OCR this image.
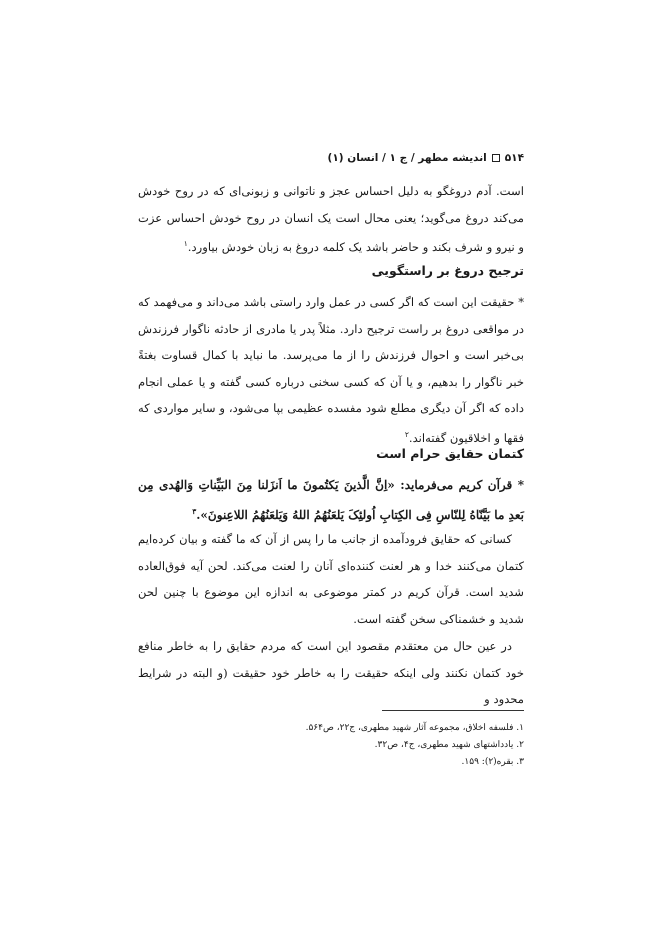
۵۱۴
اندیشه مطهر / ج ۱ / انسان (۱)
است. آدم دروغگو به دلیل احساس عجز و ناتوانی و زبونی‌ای که در روح خودش می‌کند دروغ می‌گوید؛ یعنی محال است یک انسان در روح خودش احساس عزت و نیرو و شرف بکند و حاضر باشد یک کلمه دروغ به زبان خودش بیاورد.$^۱$
ترجیح دروغ بر راستگویی
* حقیقت این است که اگر کسی در عمل وارد راستی باشد می‌داند و می‌فهمد که در مواقعی دروغ بر راست ترجیح دارد. مثلاً پدر یا مادری از حادثه ناگوار فرزندش بی‌خبر است و احوال فرزندش را از ما می‌پرسد. ما نباید با کمال قساوت بغتةً خبر ناگوار را بدهیم، و یا آن که کسی سخنی درباره کسی گفته و یا عملی انجام داده که اگر آن دیگری مطلع شود مفسده عظیمی بپا می‌شود، و سایر مواردی که فقها و اخلاقیون گفته‌اند.$^۲$
کتمان حقایق حرام است
* قرآن کریم می‌فرماید: «اِنَّ الَّذینَ یَکتُمونَ ما اَنزَلنا مِنَ البَیِّناتِ وَالهُدی مِن بَعدِ ما بَیَّنّاهُ لِلنّاسِ فِی الکِتابِ اُولئِکَ یَلعَنُهُمُ اللهُ وَیَلعَنُهُمُ اللاعِنونَ».$^۳$
کسانی که حقایق فرودآمده از جانب ما را پس از آن که ما گفته و بیان کرده‌ایم کتمان می‌کنند خدا و هر لعنت کننده‌ای آنان را لعنت می‌کند. لحن آیه فوق‌العاده شدید است. قرآن کریم در کمتر موضوعی به اندازه این موضوع با چنین لحن شدید و خشمناکی سخن گفته است.
در عین حال من معتقدم مقصود این است که مردم حقایق را به خاطر منافع خود کتمان نکنند ولی اینکه حقیقت را به خاطر خود حقیقت (و البته در شرایط محدود و
۱. فلسفه اخلاق، مجموعه آثار شهید مطهری، ج۲۲، ص۵۶۴.
۲. یادداشتهای شهید مطهری، ج۴، ص۳۲.
۳. بقره(۲): ۱۵۹.
